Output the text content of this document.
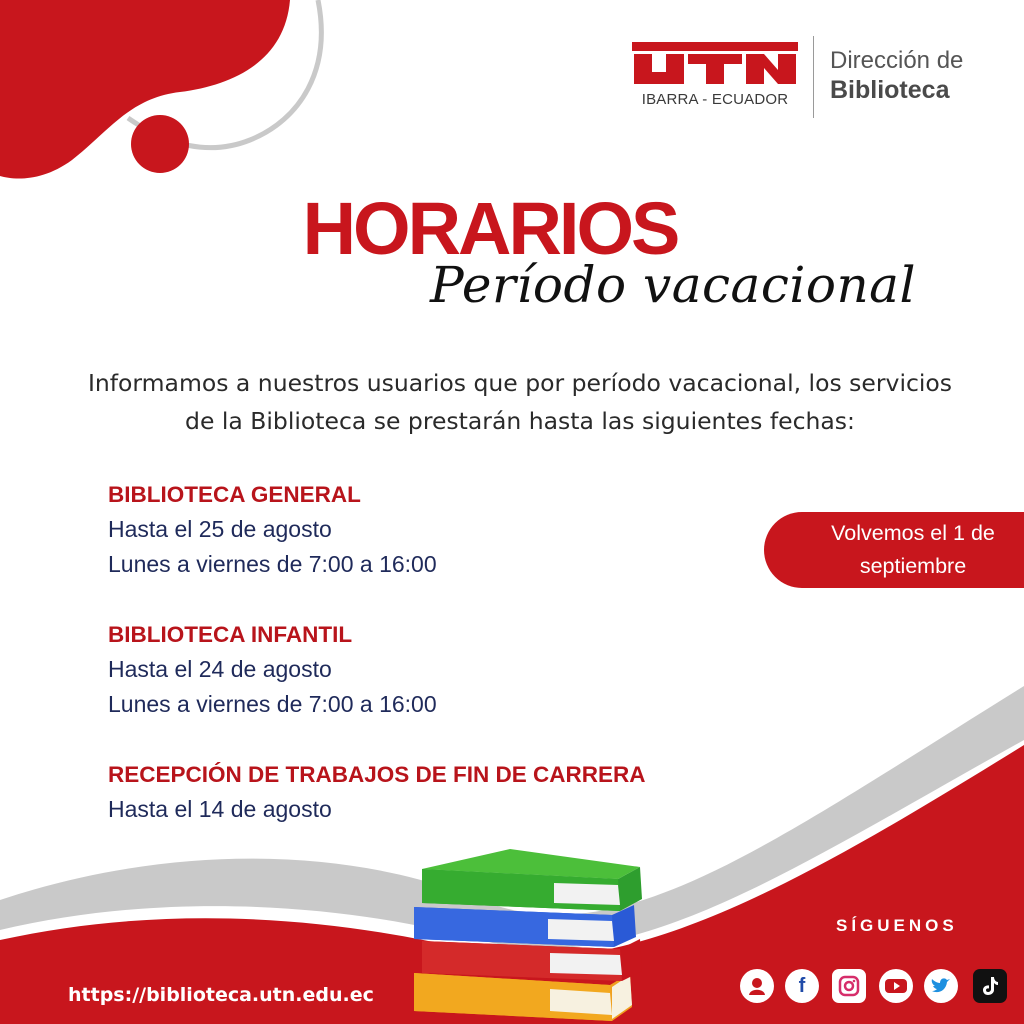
IBARRA - ECUADOR
Dirección de
Biblioteca
HORARIOS
Período vacacional
Informamos a nuestros usuarios que por período vacacional, los servicios de la Biblioteca se prestarán hasta las siguientes fechas:
BIBLIOTECA GENERAL
Hasta el 25 de agosto
Lunes a viernes de 7:00 a 16:00
BIBLIOTECA INFANTIL
Hasta el 24 de agosto
Lunes a viernes de 7:00 a 16:00
RECEPCIÓN DE TRABAJOS DE FIN DE CARRERA
Hasta el 14 de agosto
Volvemos el 1 de septiembre
SÍGUENOS
https://biblioteca.utn.edu.ec	f
